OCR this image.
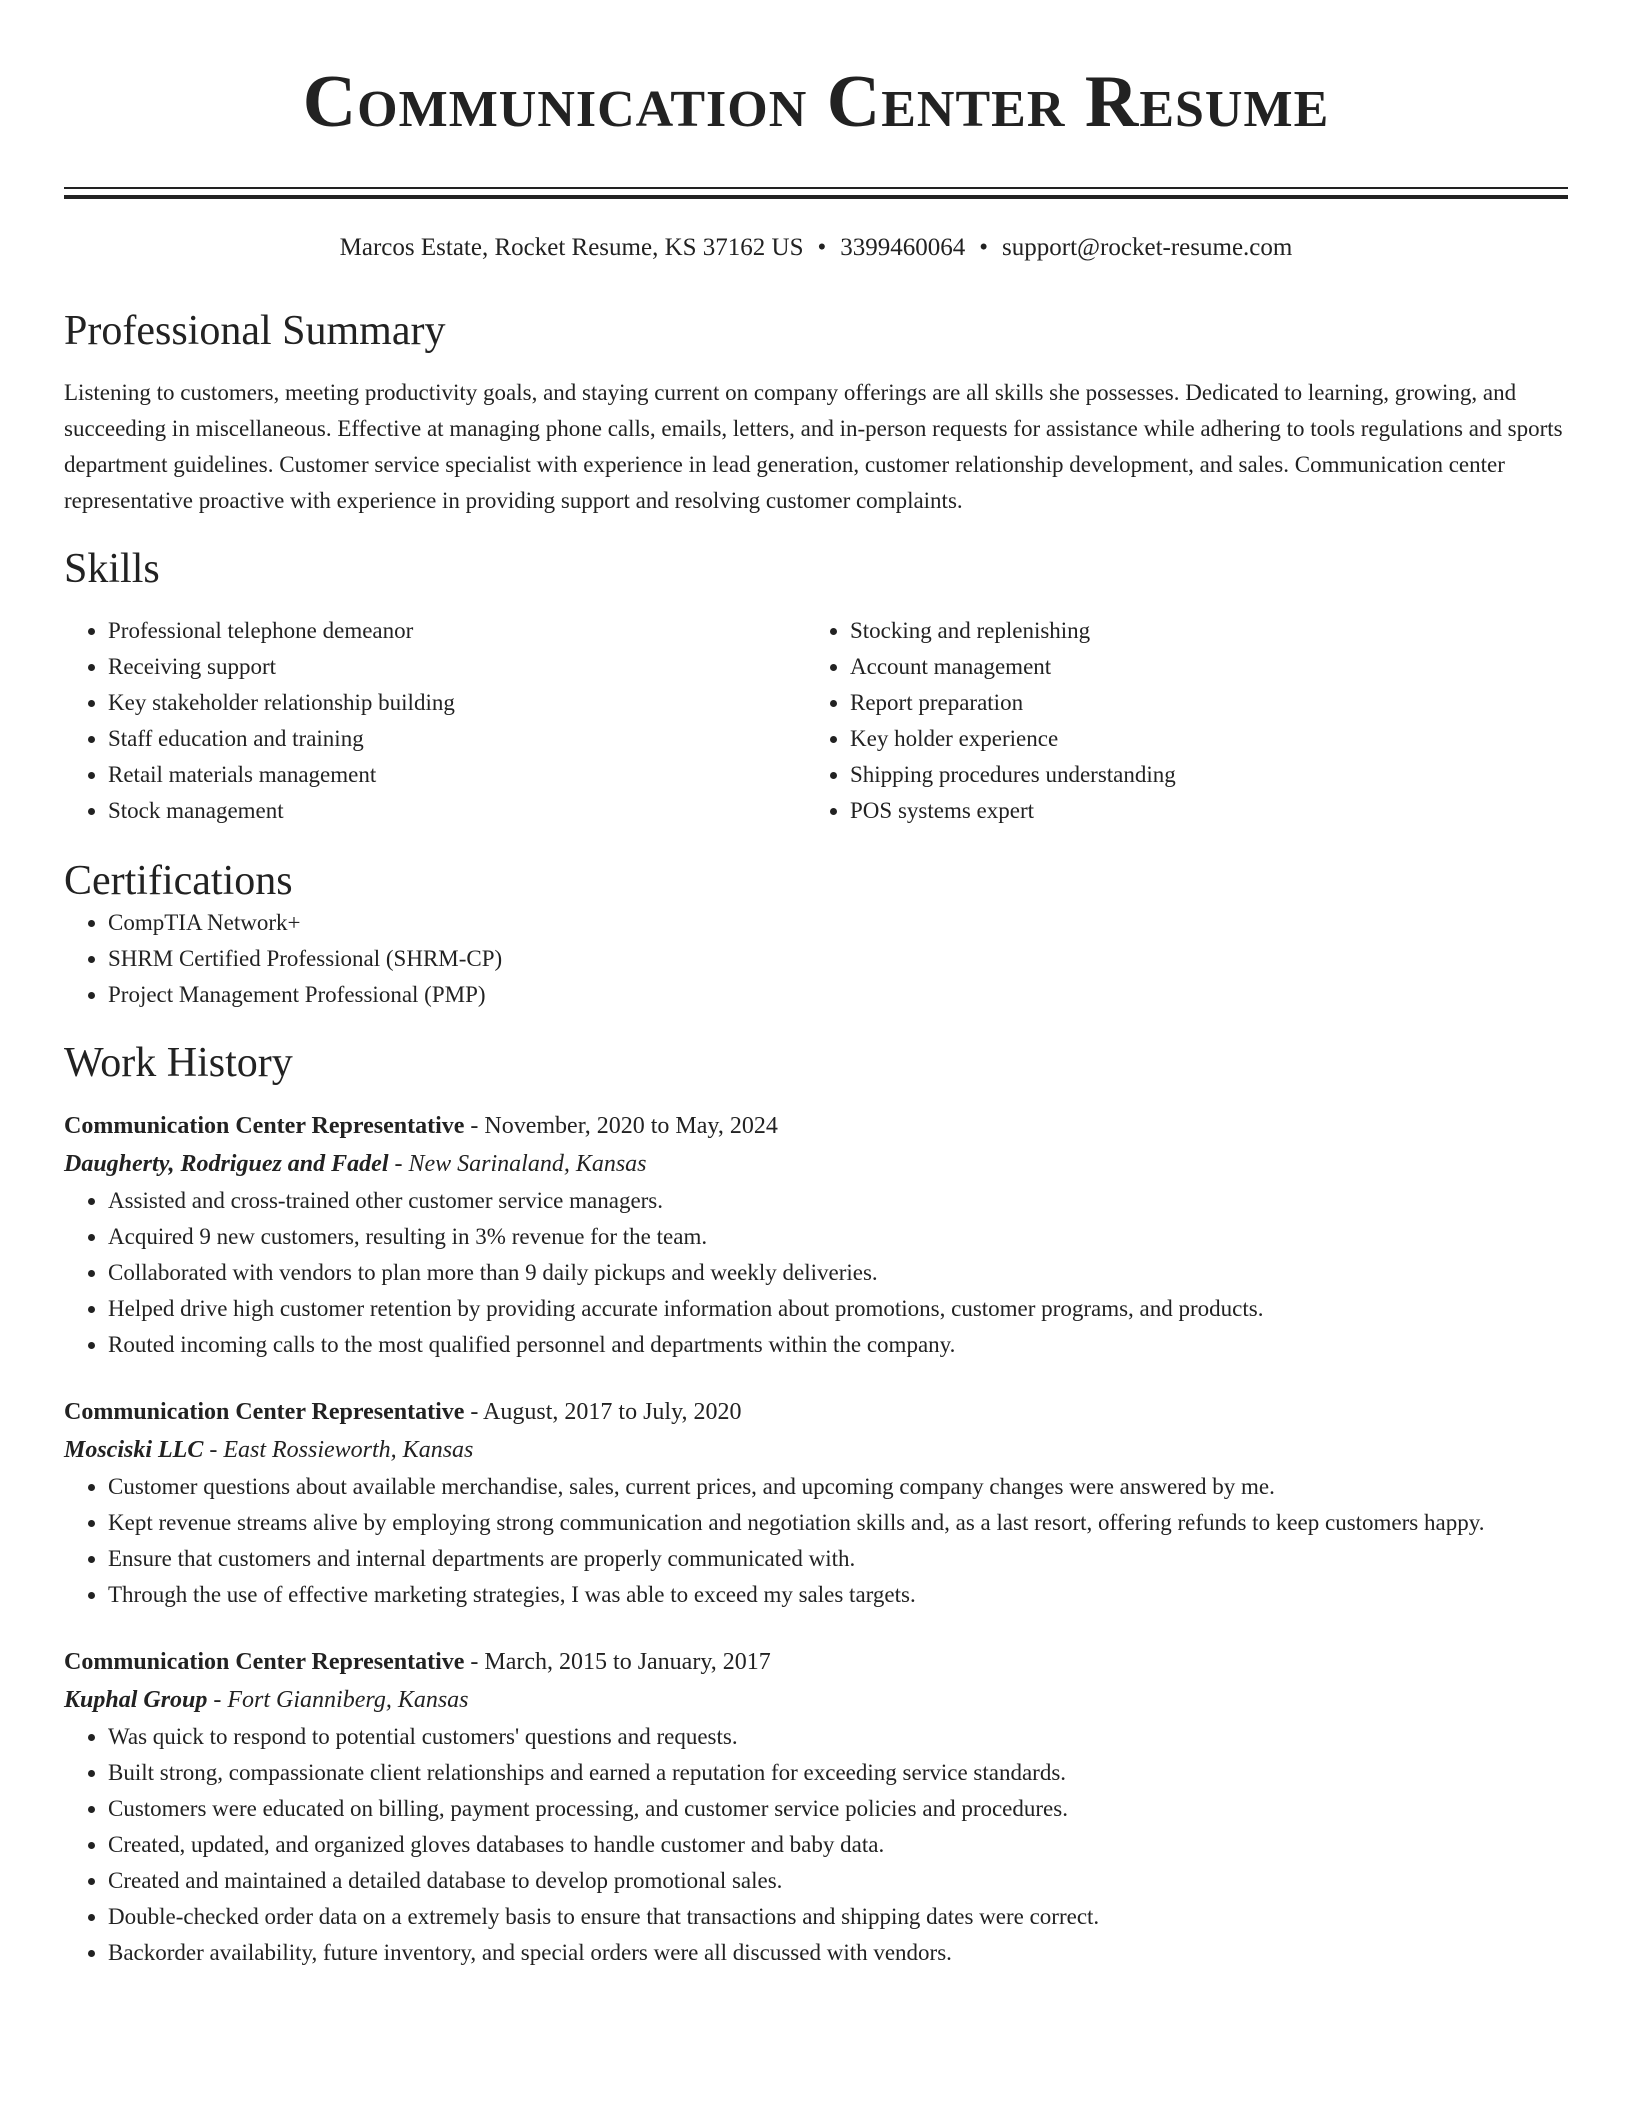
Communication Center Resume
Marcos Estate, Rocket Resume, KS 37162 US • 3399460064 • support@rocket-resume.com
Professional Summary
Listening to customers, meeting productivity goals, and staying current on company offerings are all skills she possesses. Dedicated to learning, growing, and succeeding in miscellaneous. Effective at managing phone calls, emails, letters, and in-person requests for assistance while adhering to tools regulations and sports department guidelines. Customer service specialist with experience in lead generation, customer relationship development, and sales. Communication center representative proactive with experience in providing support and resolving customer complaints.
Skills
• Professional telephone demeanor
• Receiving support
• Key stakeholder relationship building
• Staff education and training
• Retail materials management
• Stock management
• Stocking and replenishing
• Account management
• Report preparation
• Key holder experience
• Shipping procedures understanding
• POS systems expert
Certifications
• CompTIA Network+
• SHRM Certified Professional (SHRM-CP)
• Project Management Professional (PMP)
Work History
Communication Center Representative - November, 2020 to May, 2024
Daugherty, Rodriguez and Fadel - New Sarinaland, Kansas
• Assisted and cross-trained other customer service managers.
• Acquired 9 new customers, resulting in 3% revenue for the team.
• Collaborated with vendors to plan more than 9 daily pickups and weekly deliveries.
• Helped drive high customer retention by providing accurate information about promotions, customer programs, and products.
• Routed incoming calls to the most qualified personnel and departments within the company.
Communication Center Representative - August, 2017 to July, 2020
Mosciski LLC - East Rossieworth, Kansas
• Customer questions about available merchandise, sales, current prices, and upcoming company changes were answered by me.
• Kept revenue streams alive by employing strong communication and negotiation skills and, as a last resort, offering refunds to keep customers happy.
• Ensure that customers and internal departments are properly communicated with.
• Through the use of effective marketing strategies, I was able to exceed my sales targets.
Communication Center Representative - March, 2015 to January, 2017
Kuphal Group - Fort Gianniberg, Kansas
• Was quick to respond to potential customers' questions and requests.
• Built strong, compassionate client relationships and earned a reputation for exceeding service standards.
• Customers were educated on billing, payment processing, and customer service policies and procedures.
• Created, updated, and organized gloves databases to handle customer and baby data.
• Created and maintained a detailed database to develop promotional sales.
• Double-checked order data on a extremely basis to ensure that transactions and shipping dates were correct.
• Backorder availability, future inventory, and special orders were all discussed with vendors.
